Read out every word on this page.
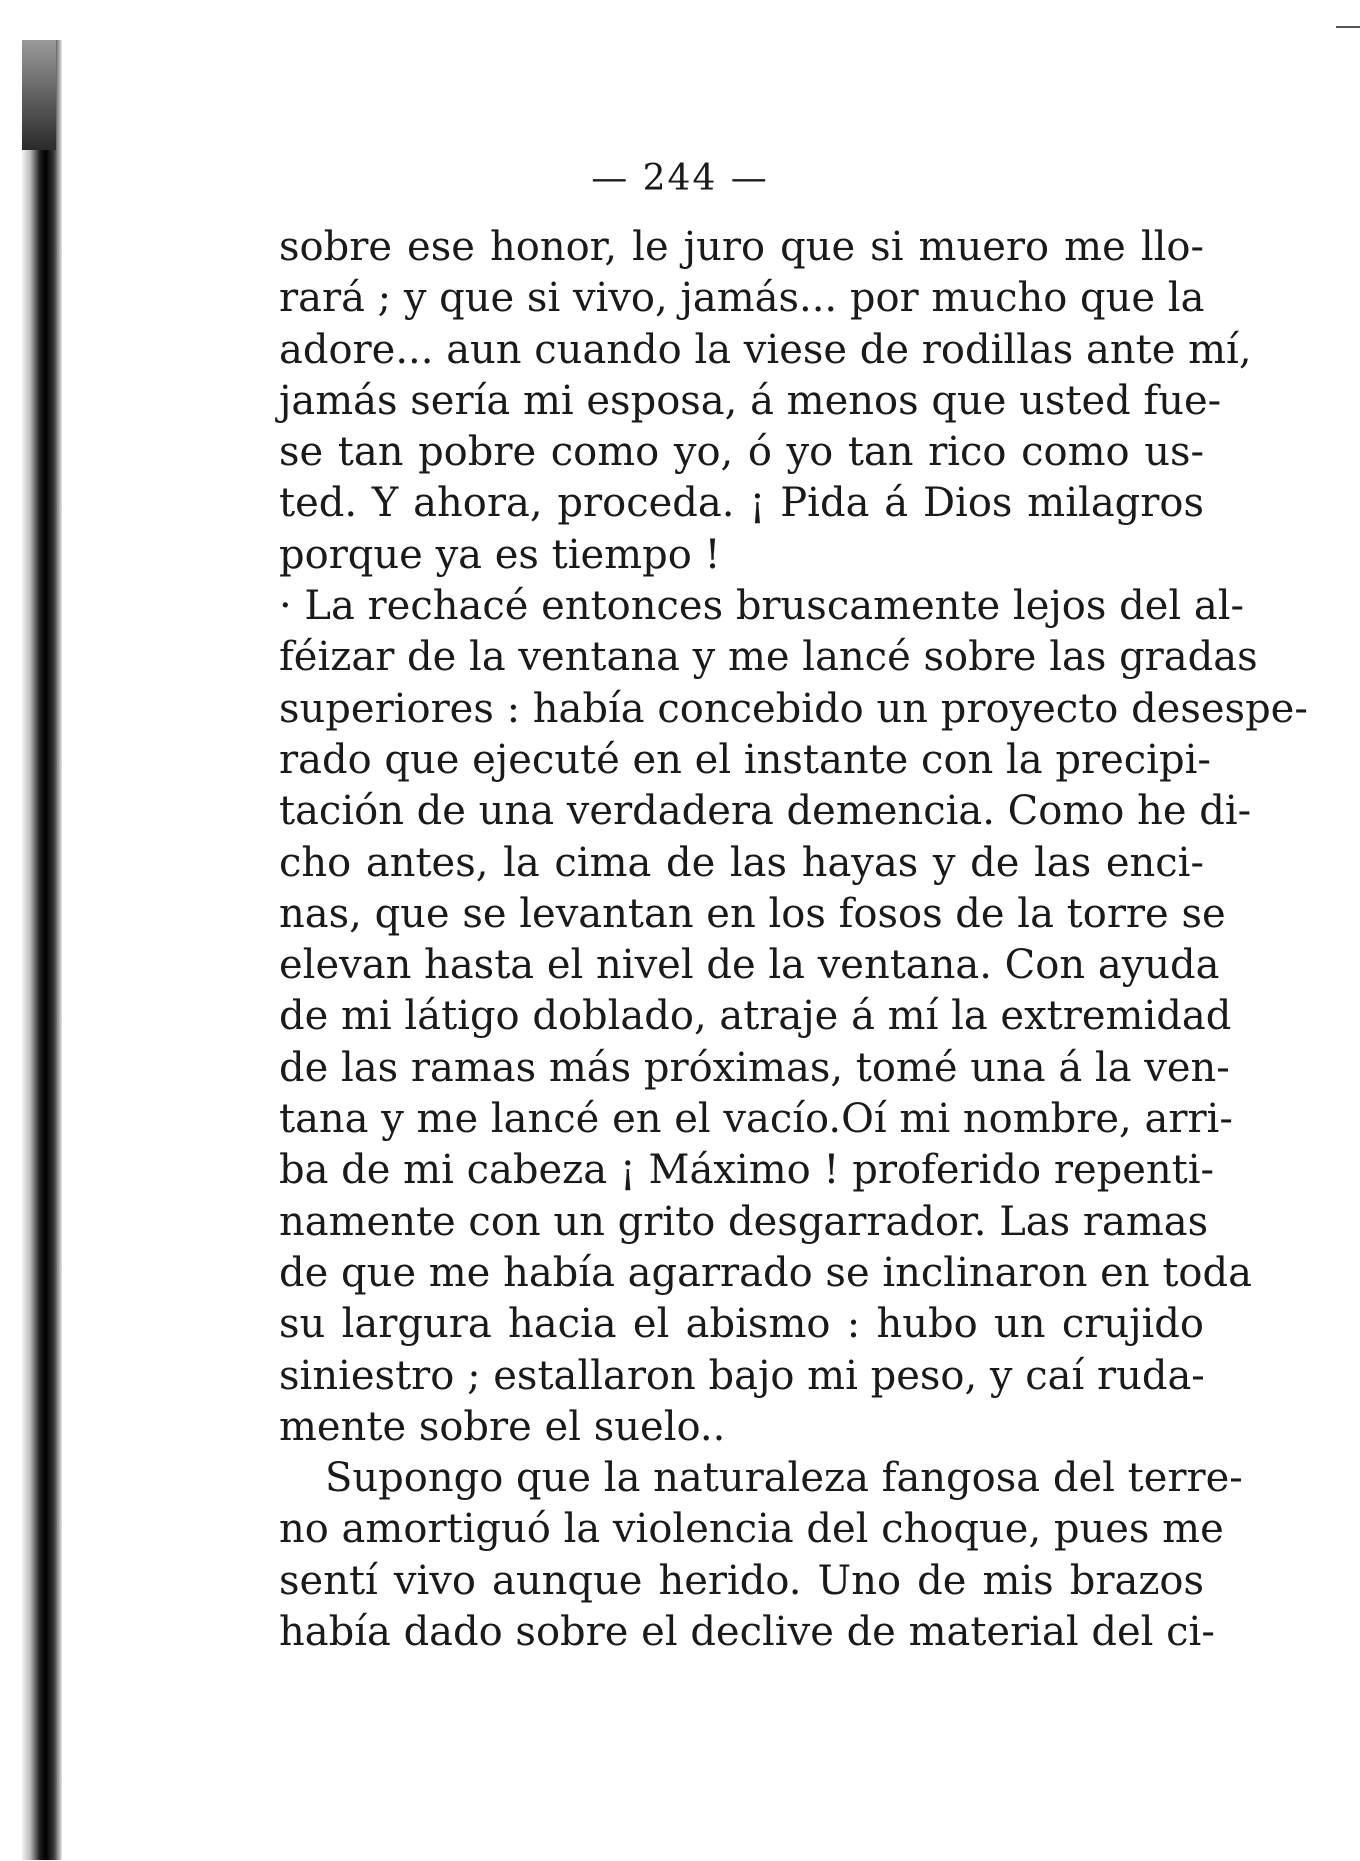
— 244 —
sobre ese honor, le juro que si muero me llo-
rará ; y que si vivo, jamás... por mucho que la
adore... aun cuando la viese de rodillas ante mí,
jamás sería mi esposa, á menos que usted fue-
se tan pobre como yo, ó yo tan rico como us-
ted. Y ahora, proceda. ¡ Pida á Dios milagros
porque ya es tiempo !
· La rechacé entonces bruscamente lejos del al-
féizar de la ventana y me lancé sobre las gradas
superiores : había concebido un proyecto desespe-
rado que ejecuté en el instante con la precipi-
tación de una verdadera demencia. Como he di-
cho antes, la cima de las hayas y de las enci-
nas, que se levantan en los fosos de la torre se
elevan hasta el nivel de la ventana. Con ayuda
de mi látigo doblado, atraje á mí la extremidad
de las ramas más próximas, tomé una á la ven-
tana y me lancé en el vacío.Oí mi nombre, arri-
ba de mi cabeza ¡ Máximo ! proferido repenti-
namente con un grito desgarrador. Las ramas
de que me había agarrado se inclinaron en toda
su largura hacia el abismo : hubo un crujido
siniestro ; estallaron bajo mi peso, y caí ruda-
mente sobre el suelo..
Supongo que la naturaleza fangosa del terre-
no amortiguó la violencia del choque, pues me
sentí vivo aunque herido. Uno de mis brazos
había dado sobre el declive de material del ci-
